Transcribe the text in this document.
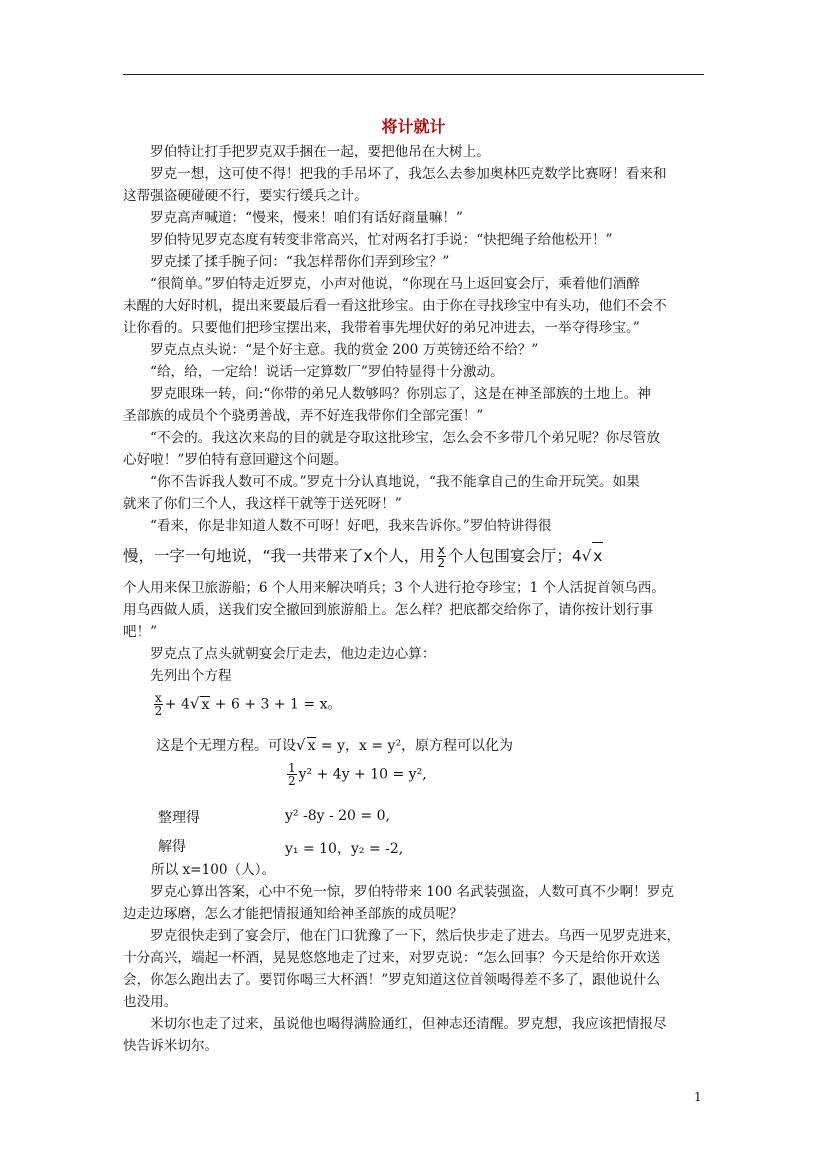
将计就计
罗伯特让打手把罗克双手捆在一起，要把他吊在大树上。
罗克一想，这可使不得！把我的手吊坏了，我怎么去参加奥林匹克数学比赛呀！看来和
这帮强盗硬碰硬不行，要实行缓兵之计。
罗克高声喊道：“慢来，慢来！咱们有话好商量嘛！”
罗伯特见罗克态度有转变非常高兴，忙对两名打手说：“快把绳子给他松开！”
罗克揉了揉手腕子问：“我怎样帮你们弄到珍宝？”
“很简单。”罗伯特走近罗克，小声对他说，“你现在马上返回宴会厅，乘着他们酒醉
未醒的大好时机，提出来要最后看一看这批珍宝。由于你在寻找珍宝中有头功，他们不会不
让你看的。只要他们把珍宝摆出来，我带着事先埋伏好的弟兄冲进去，一举夺得珍宝。”
罗克点点头说：“是个好主意。我的赏金 200 万英镑还给不给？”
“给，给，一定给！说话一定算数厂”罗伯特显得十分激动。
罗克眼珠一转，问:“你带的弟兄人数够吗？你别忘了，这是在神圣部族的土地上。神
圣部族的成员个个骁勇善战，弄不好连我带你们全部完蛋！”
“不会的。我这次来岛的目的就是夺取这批珍宝，怎么会不多带几个弟兄呢？你尽管放
心好啦！”罗伯特有意回避这个问题。
“你不告诉我人数可不成。”罗克十分认真地说，“我不能拿自己的生命开玩笑。如果
就来了你们三个人，我这样干就等于送死呀！”
“看来，你是非知道人数不可呀！好吧，我来告诉你。”罗伯特讲得很
慢，一字一句地说，“我一共带来了x个人，用 $\frac{x}{2}$ 个人包围宴会厅；4√ x
个人用来保卫旅游船；6 个人用来解决哨兵；3 个人进行抢夺珍宝；1 个人活捉首领乌西。
用乌西做人质，送我们安全撤回到旅游船上。怎么样？把底都交给你了，请你按计划行事
吧！”
罗克点了点头就朝宴会厅走去，他边走边心算：
先列出个方程
$\frac{x}{2} + 4√$ x + 6 + 3 + 1 = x。
这是个无理方程。可设√ x = y，x = y²，原方程可以化为
$\frac{1}{2} y^2 + 4y + 10 = y^2$,
整理得	y² -8y - 20 = 0,
解得	y₁ = 10，y₂ = -2,
所以 x=100（人）。
罗克心算出答案，心中不免一惊，罗伯特带来 100 名武装强盗，人数可真不少啊！罗克
边走边琢磨，怎么才能把情报通知给神圣部族的成员呢？
罗克很快走到了宴会厅，他在门口犹豫了一下，然后快步走了进去。乌西一见罗克进来，
十分高兴，端起一杯酒，晃晃悠悠地走了过来，对罗克说：“怎么回事？今天是给你开欢送
会，你怎么跑出去了。要罚你喝三大杯酒！”罗克知道这位首领喝得差不多了，跟他说什么
也没用。
米切尔也走了过来，虽说他也喝得满脸通红，但神志还清醒。罗克想，我应该把情报尽
快告诉米切尔。
1
